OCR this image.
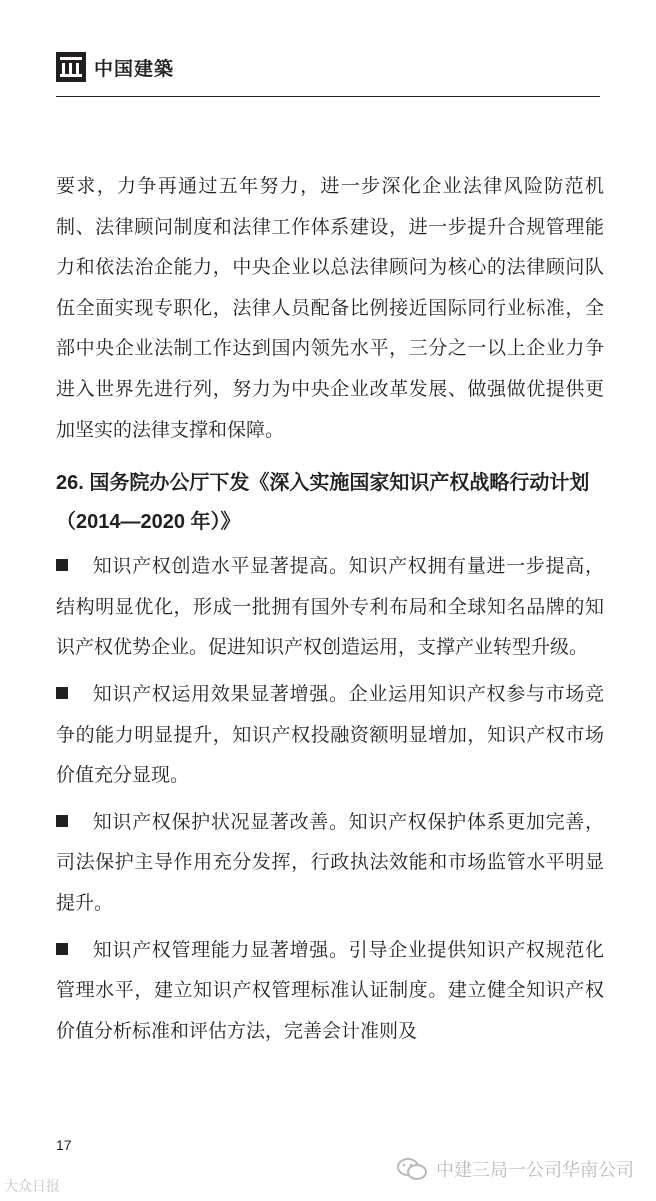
中国建築

要求，力争再通过五年努力，进一步深化企业法律风险防范机制、法律顾问制度和法律工作体系建设，进一步提升合规管理能力和依法治企能力，中央企业以总法律顾问为核心的法律顾问队伍全面实现专职化，法律人员配备比例接近国际同行业标准，全部中央企业法制工作达到国内领先水平，三分之一以上企业力争进入世界先进行列，努力为中央企业改革发展、做强做优提供更加坚实的法律支撑和保障。

26. 国务院办公厅下发《深入实施国家知识产权战略行动计划（2014—2020 年）》

知识产权创造水平显著提高。知识产权拥有量进一步提高，结构明显优化，形成一批拥有国外专利布局和全球知名品牌的知识产权优势企业。促进知识产权创造运用，支撑产业转型升级。

知识产权运用效果显著增强。企业运用知识产权参与市场竞争的能力明显提升，知识产权投融资额明显增加，知识产权市场价值充分显现。

知识产权保护状况显著改善。知识产权保护体系更加完善，司法保护主导作用充分发挥，行政执法效能和市场监管水平明显提升。

知识产权管理能力显著增强。引导企业提供知识产权规范化管理水平，建立知识产权管理标准认证制度。建立健全知识产权价值分析标准和评估方法，完善会计准则及

17
中建三局一公司华南公司
大众日报
